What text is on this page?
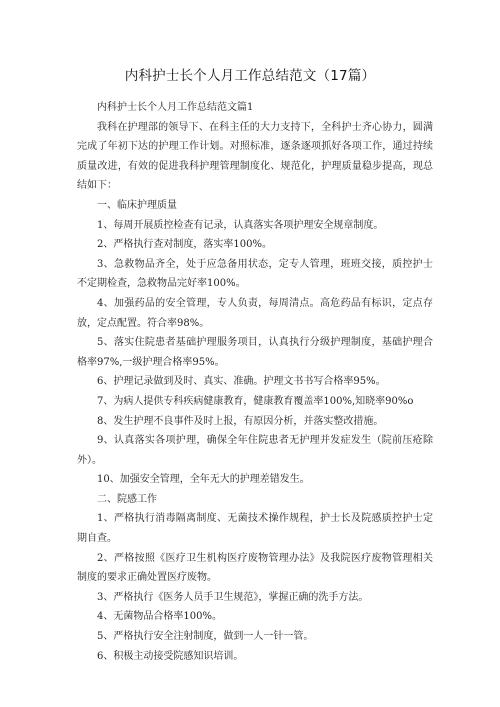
内科护士长个人月工作总结范文（17篇）

内科护士长个人月工作总结范文篇1

我科在护理部的领导下、在科主任的大力支持下，全科护士齐心协力，圆满完成了年初下达的护理工作计划。对照标准，逐条逐项抓好各项工作，通过持续质量改进，有效的促进我科护理管理制度化、规范化，护理质量稳步提高，现总结如下：

一、临床护理质量

1、每周开展质控检查有记录，认真落实各项护理安全规章制度。

2、严格执行查对制度，落实率100%。

3、急救物品齐全，处于应急备用状态，定专人管理，班班交接，质控护士不定期检查，急救物品完好率100%。

4、加强药品的安全管理，专人负责，每周清点。高危药品有标识，定点存放，定点配置。符合率98%。

5、落实住院患者基础护理服务项目，认真执行分级护理制度，基础护理合格率97%,一级护理合格率95%。

6、护理记录做到及时、真实、准确。护理文书书写合格率95%。

7、为病人提供专科疾病健康教育，健康教育覆盖率100%,知晓率90%o

8、发生护理不良事件及时上报，有原因分析，并落实整改措施。

9、认真落实各项护理，确保全年住院患者无护理并发症发生（院前压疮除外）。

10、加强安全管理，全年无大的护理差错发生。

二、院感工作

1、严格执行消毒隔离制度、无菌技术操作规程，护士长及院感质控护士定期自查。

2、严格按照《医疗卫生机构医疗废物管理办法》及我院医疗废物管理相关制度的要求正确处置医疗废物。

3、严格执行《医务人员手卫生规范》，掌握正确的洗手方法。

4、无菌物品合格率100%。

5、严格执行安全注射制度，做到一人一针一管。

6、积极主动接受院感知识培训。
